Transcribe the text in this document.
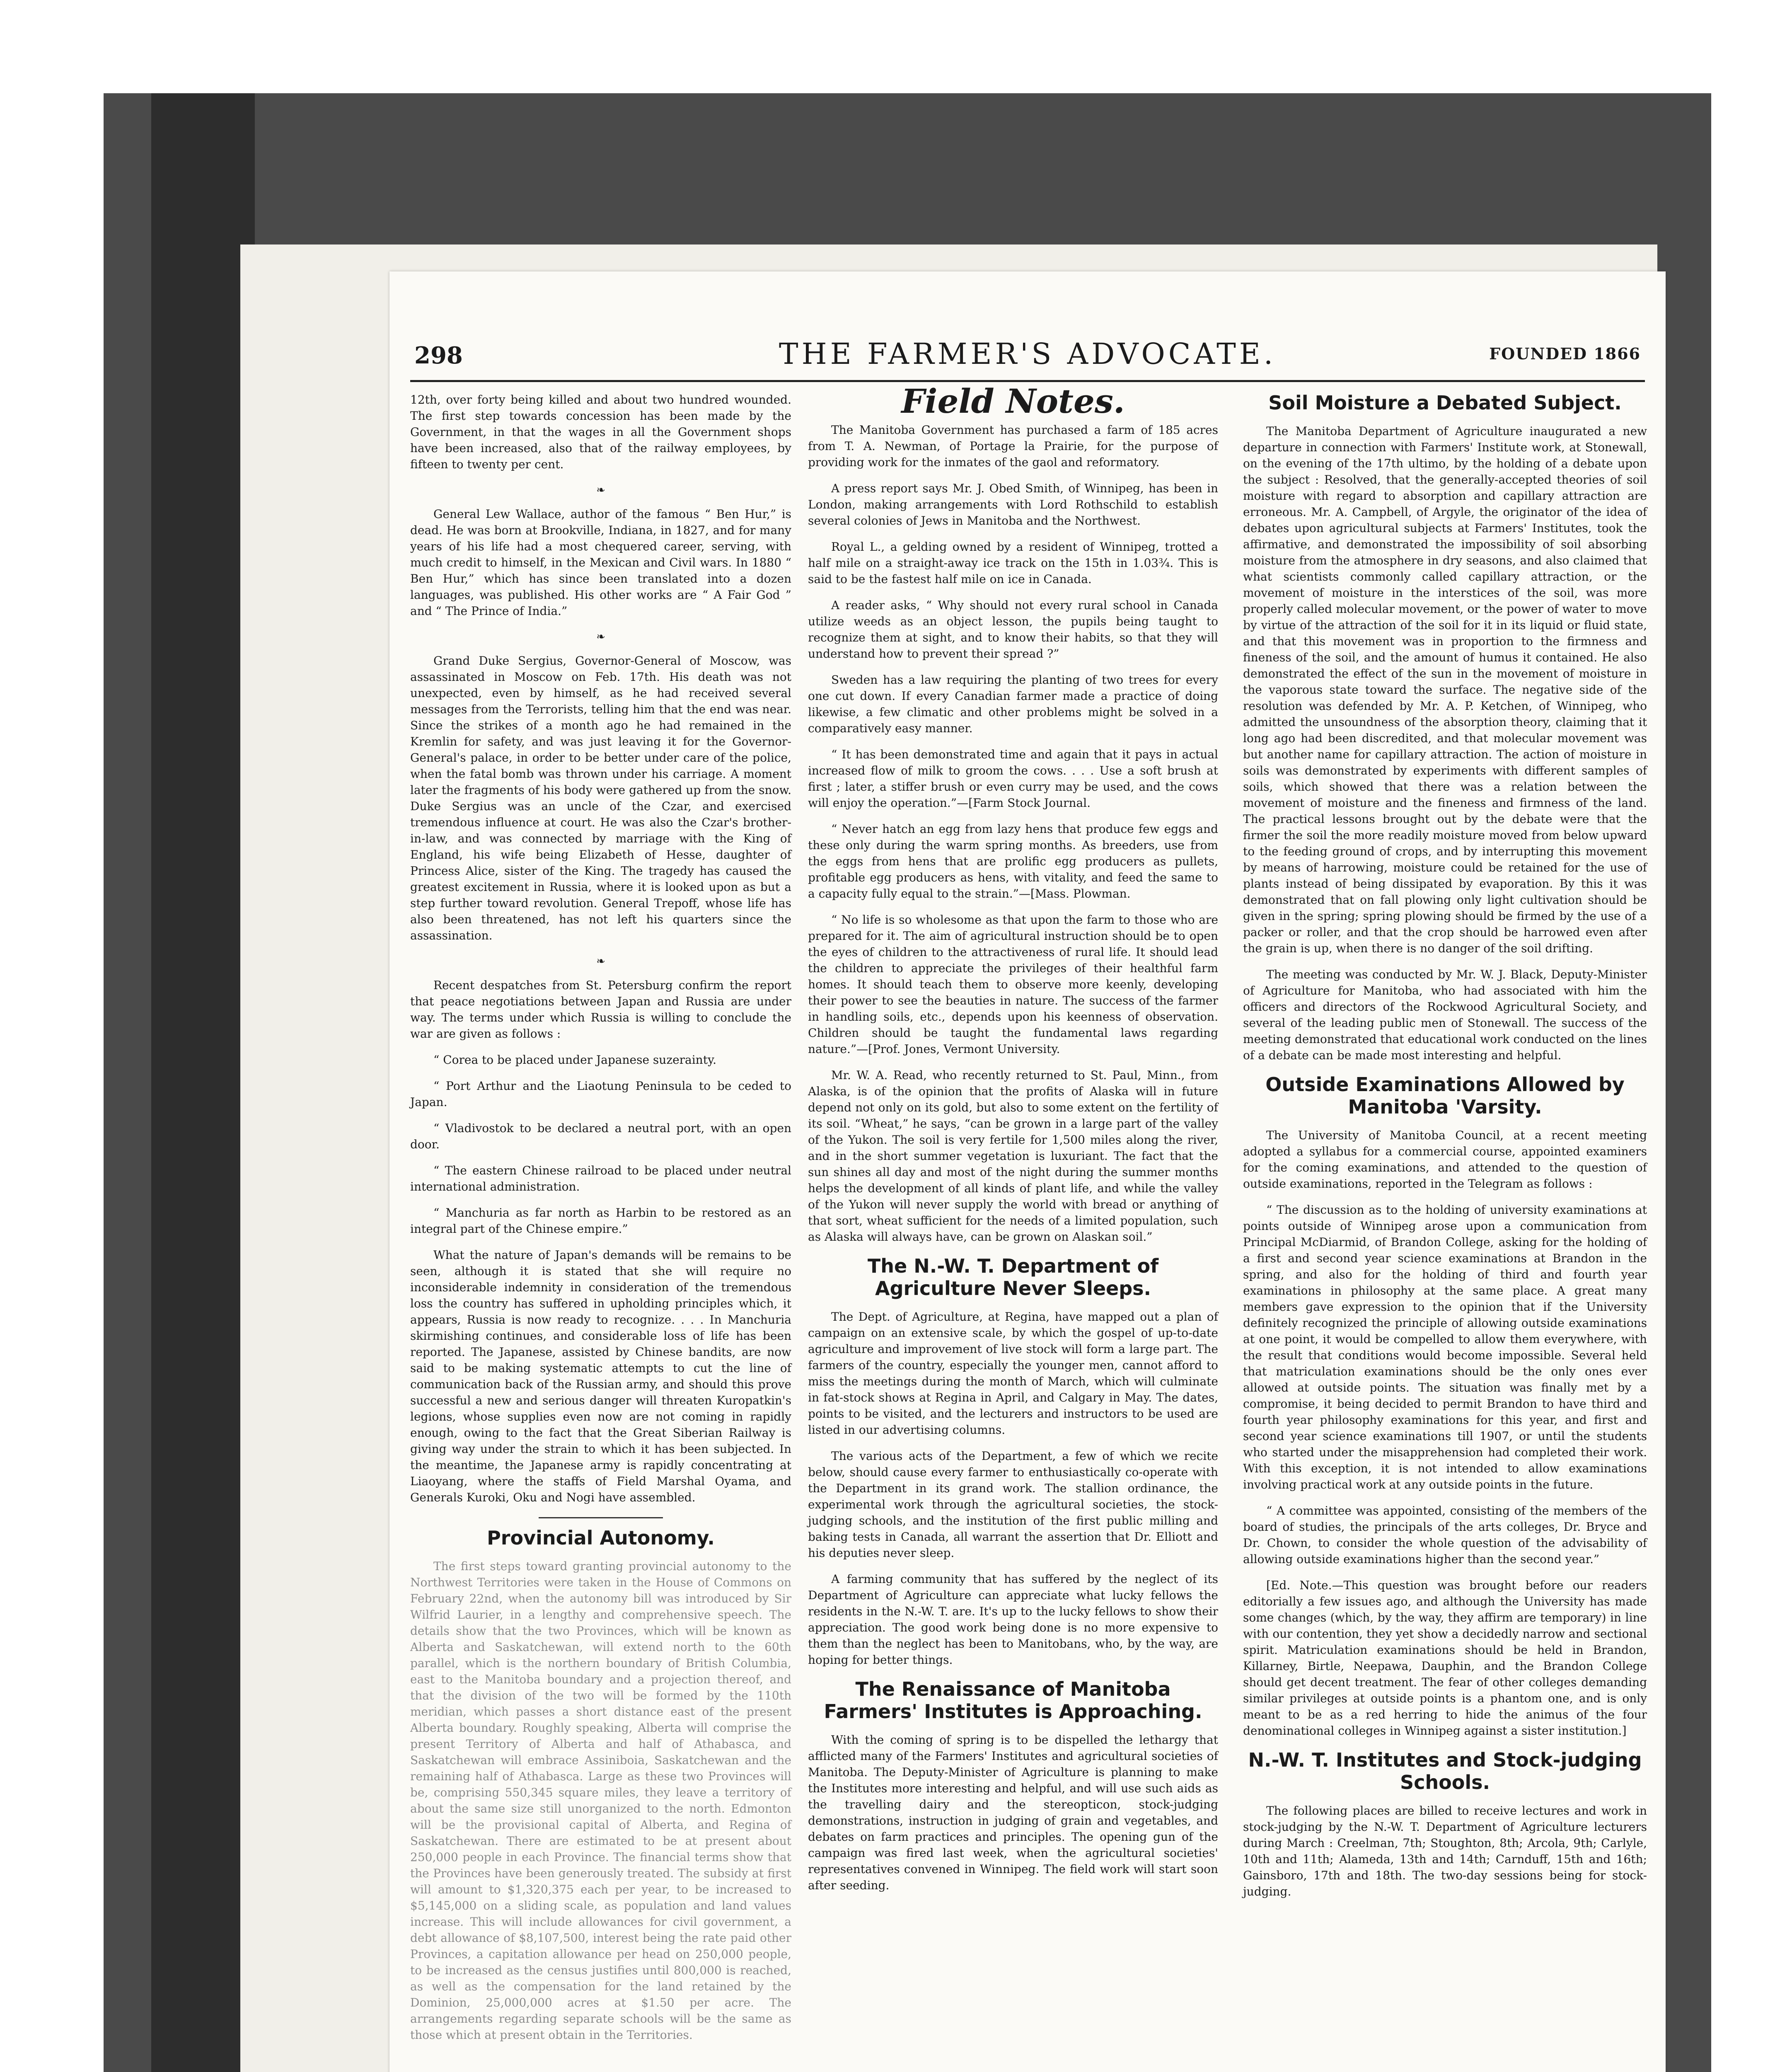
298	THE FARMER'S ADVOCATE.	FOUNDED 1866

12th, over forty being killed and about two hundred wounded. The first step towards concession has been made by the Government, in that the wages in all the Government shops have been increased, also that of the railway employees, by fifteen to twenty per cent.

❧

General Lew Wallace, author of the famous “ Ben Hur,” is dead. He was born at Brookville, Indiana, in 1827, and for many years of his life had a most chequered career, serving, with much credit to himself, in the Mexican and Civil wars. In 1880 “ Ben Hur,” which has since been translated into a dozen languages, was published. His other works are “ A Fair God ” and “ The Prince of India.”

❧

Grand Duke Sergius, Governor-General of Moscow, was assassinated in Moscow on Feb. 17th. His death was not unexpected, even by himself, as he had received several messages from the Terrorists, telling him that the end was near. Since the strikes of a month ago he had remained in the Kremlin for safety, and was just leaving it for the Governor-General's palace, in order to be better under care of the police, when the fatal bomb was thrown under his carriage. A moment later the fragments of his body were gathered up from the snow. Duke Sergius was an uncle of the Czar, and exercised tremendous influence at court. He was also the Czar's brother-in-law, and was connected by marriage with the King of England, his wife being Elizabeth of Hesse, daughter of Princess Alice, sister of the King. The tragedy has caused the greatest excitement in Russia, where it is looked upon as but a step further toward revolution. General Trepoff, whose life has also been threatened, has not left his quarters since the assassination.

❧

Recent despatches from St. Petersburg confirm the report that peace negotiations between Japan and Russia are under way. The terms under which Russia is willing to conclude the war are given as follows :

“ Corea to be placed under Japanese suzerainty.

“ Port Arthur and the Liaotung Peninsula to be ceded to Japan.

“ Vladivostok to be declared a neutral port, with an open door.

“ The eastern Chinese railroad to be placed under neutral international administration.

“ Manchuria as far north as Harbin to be restored as an integral part of the Chinese empire.”

What the nature of Japan's demands will be remains to be seen, although it is stated that she will require no inconsiderable indemnity in consideration of the tremendous loss the country has suffered in upholding principles which, it appears, Russia is now ready to recognize. . . . In Manchuria skirmishing continues, and considerable loss of life has been reported. The Japanese, assisted by Chinese bandits, are now said to be making systematic attempts to cut the line of communication back of the Russian army, and should this prove successful a new and serious danger will threaten Kuropatkin's legions, whose supplies even now are not coming in rapidly enough, owing to the fact that the Great Siberian Railway is giving way under the strain to which it has been subjected. In the meantime, the Japanese army is rapidly concentrating at Liaoyang, where the staffs of Field Marshal Oyama, and Generals Kuroki, Oku and Nogi have assembled.

Provincial Autonomy.

The first steps toward granting provincial autonomy to the Northwest Territories were taken in the House of Commons on February 22nd, when the autonomy bill was introduced by Sir Wilfrid Laurier, in a lengthy and comprehensive speech. The details show that the two Provinces, which will be known as Alberta and Saskatchewan, will extend north to the 60th parallel, which is the northern boundary of British Columbia, east to the Manitoba boundary and a projection thereof, and that the division of the two will be formed by the 110th meridian, which passes a short distance east of the present Alberta boundary. Roughly speaking, Alberta will comprise the present Territory of Alberta and half of Athabasca, and Saskatchewan will embrace Assiniboia, Saskatchewan and the remaining half of Athabasca. Large as these two Provinces will be, comprising 550,345 square miles, they leave a territory of about the same size still unorganized to the north. Edmonton will be the provisional capital of Alberta, and Regina of Saskatchewan. There are estimated to be at present about 250,000 people in each Province. The financial terms show that the Provinces have been generously treated. The subsidy at first will amount to $1,320,375 each per year, to be increased to $5,145,000 on a sliding scale, as population and land values increase. This will include allowances for civil government, a debt allowance of $8,107,500, interest being the rate paid other Provinces, a capitation allowance per head on 250,000 people, to be increased as the census justifies until 800,000 is reached, as well as the compensation for the land retained by the Dominion, 25,000,000 acres at $1.50 per acre. The arrangements regarding separate schools will be the same as those which at present obtain in the Territories.

Field Notes.

The Manitoba Government has purchased a farm of 185 acres from T. A. Newman, of Portage la Prairie, for the purpose of providing work for the inmates of the gaol and reformatory.

A press report says Mr. J. Obed Smith, of Winnipeg, has been in London, making arrangements with Lord Rothschild to establish several colonies of Jews in Manitoba and the Northwest.

Royal L., a gelding owned by a resident of Winnipeg, trotted a half mile on a straight-away ice track on the 15th in 1.03¾. This is said to be the fastest half mile on ice in Canada.

A reader asks, “ Why should not every rural school in Canada utilize weeds as an object lesson, the pupils being taught to recognize them at sight, and to know their habits, so that they will understand how to prevent their spread ?”

Sweden has a law requiring the planting of two trees for every one cut down. If every Canadian farmer made a practice of doing likewise, a few climatic and other problems might be solved in a comparatively easy manner.

“ It has been demonstrated time and again that it pays in actual increased flow of milk to groom the cows. . . . Use a soft brush at first ; later, a stiffer brush or even curry may be used, and the cows will enjoy the operation.”—[Farm Stock Journal.

“ Never hatch an egg from lazy hens that produce few eggs and these only during the warm spring months. As breeders, use from the eggs from hens that are prolific egg producers as pullets, profitable egg producers as hens, with vitality, and feed the same to a capacity fully equal to the strain.”—[Mass. Plowman.

“ No life is so wholesome as that upon the farm to those who are prepared for it. The aim of agricultural instruction should be to open the eyes of children to the attractiveness of rural life. It should lead the children to appreciate the privileges of their healthful farm homes. It should teach them to observe more keenly, developing their power to see the beauties in nature. The success of the farmer in handling soils, etc., depends upon his keenness of observation. Children should be taught the fundamental laws regarding nature.”—[Prof. Jones, Vermont University.

Mr. W. A. Read, who recently returned to St. Paul, Minn., from Alaska, is of the opinion that the profits of Alaska will in future depend not only on its gold, but also to some extent on the fertility of its soil. “Wheat,” he says, “can be grown in a large part of the valley of the Yukon. The soil is very fertile for 1,500 miles along the river, and in the short summer vegetation is luxuriant. The fact that the sun shines all day and most of the night during the summer months helps the development of all kinds of plant life, and while the valley of the Yukon will never supply the world with bread or anything of that sort, wheat sufficient for the needs of a limited population, such as Alaska will always have, can be grown on Alaskan soil.”

The N.-W. T. Department of Agriculture Never Sleeps.

The Dept. of Agriculture, at Regina, have mapped out a plan of campaign on an extensive scale, by which the gospel of up-to-date agriculture and improvement of live stock will form a large part. The farmers of the country, especially the younger men, cannot afford to miss the meetings during the month of March, which will culminate in fat-stock shows at Regina in April, and Calgary in May. The dates, points to be visited, and the lecturers and instructors to be used are listed in our advertising columns.

The various acts of the Department, a few of which we recite below, should cause every farmer to enthusiastically co-operate with the Department in its grand work. The stallion ordinance, the experimental work through the agricultural societies, the stock-judging schools, and the institution of the first public milling and baking tests in Canada, all warrant the assertion that Dr. Elliott and his deputies never sleep.

A farming community that has suffered by the neglect of its Department of Agriculture can appreciate what lucky fellows the residents in the N.-W. T. are. It's up to the lucky fellows to show their appreciation. The good work being done is no more expensive to them than the neglect has been to Manitobans, who, by the way, are hoping for better things.

The Renaissance of Manitoba Farmers' Institutes is Approaching.

With the coming of spring is to be dispelled the lethargy that afflicted many of the Farmers' Institutes and agricultural societies of Manitoba. The Deputy-Minister of Agriculture is planning to make the Institutes more interesting and helpful, and will use such aids as the travelling dairy and the stereopticon, stock-judging demonstrations, instruction in judging of grain and vegetables, and debates on farm practices and principles. The opening gun of the campaign was fired last week, when the agricultural societies' representatives convened in Winnipeg. The field work will start soon after seeding.

Soil Moisture a Debated Subject.

The Manitoba Department of Agriculture inaugurated a new departure in connection with Farmers' Institute work, at Stonewall, on the evening of the 17th ultimo, by the holding of a debate upon the subject : Resolved, that the generally-accepted theories of soil moisture with regard to absorption and capillary attraction are erroneous. Mr. A. Campbell, of Argyle, the originator of the idea of debates upon agricultural subjects at Farmers' Institutes, took the affirmative, and demonstrated the impossibility of soil absorbing moisture from the atmosphere in dry seasons, and also claimed that what scientists commonly called capillary attraction, or the movement of moisture in the interstices of the soil, was more properly called molecular movement, or the power of water to move by virtue of the attraction of the soil for it in its liquid or fluid state, and that this movement was in proportion to the firmness and fineness of the soil, and the amount of humus it contained. He also demonstrated the effect of the sun in the movement of moisture in the vaporous state toward the surface. The negative side of the resolution was defended by Mr. A. P. Ketchen, of Winnipeg, who admitted the unsoundness of the absorption theory, claiming that it long ago had been discredited, and that molecular movement was but another name for capillary attraction. The action of moisture in soils was demonstrated by experiments with different samples of soils, which showed that there was a relation between the movement of moisture and the fineness and firmness of the land. The practical lessons brought out by the debate were that the firmer the soil the more readily moisture moved from below upward to the feeding ground of crops, and by interrupting this movement by means of harrowing, moisture could be retained for the use of plants instead of being dissipated by evaporation. By this it was demonstrated that on fall plowing only light cultivation should be given in the spring; spring plowing should be firmed by the use of a packer or roller, and that the crop should be harrowed even after the grain is up, when there is no danger of the soil drifting.

The meeting was conducted by Mr. W. J. Black, Deputy-Minister of Agriculture for Manitoba, who had associated with him the officers and directors of the Rockwood Agricultural Society, and several of the leading public men of Stonewall. The success of the meeting demonstrated that educational work conducted on the lines of a debate can be made most interesting and helpful.

Outside Examinations Allowed by Manitoba 'Varsity.

The University of Manitoba Council, at a recent meeting adopted a syllabus for a commercial course, appointed examiners for the coming examinations, and attended to the question of outside examinations, reported in the Telegram as follows :

“ The discussion as to the holding of university examinations at points outside of Winnipeg arose upon a communication from Principal McDiarmid, of Brandon College, asking for the holding of a first and second year science examinations at Brandon in the spring, and also for the holding of third and fourth year examinations in philosophy at the same place. A great many members gave expression to the opinion that if the University definitely recognized the principle of allowing outside examinations at one point, it would be compelled to allow them everywhere, with the result that conditions would become impossible. Several held that matriculation examinations should be the only ones ever allowed at outside points. The situation was finally met by a compromise, it being decided to permit Brandon to have third and fourth year philosophy examinations for this year, and first and second year science examinations till 1907, or until the students who started under the misapprehension had completed their work. With this exception, it is not intended to allow examinations involving practical work at any outside points in the future.

“ A committee was appointed, consisting of the members of the board of studies, the principals of the arts colleges, Dr. Bryce and Dr. Chown, to consider the whole question of the advisability of allowing outside examinations higher than the second year.”

[Ed. Note.—This question was brought before our readers editorially a few issues ago, and although the University has made some changes (which, by the way, they affirm are temporary) in line with our contention, they yet show a decidedly narrow and sectional spirit. Matriculation examinations should be held in Brandon, Killarney, Birtle, Neepawa, Dauphin, and the Brandon College should get decent treatment. The fear of other colleges demanding similar privileges at outside points is a phantom one, and is only meant to be as a red herring to hide the animus of the four denominational colleges in Winnipeg against a sister institution.]

N.-W. T. Institutes and Stock-judging Schools.

The following places are billed to receive lectures and work in stock-judging by the N.-W. T. Department of Agriculture lecturers during March : Creelman, 7th; Stoughton, 8th; Arcola, 9th; Carlyle, 10th and 11th; Alameda, 13th and 14th; Carnduff, 15th and 16th; Gainsboro, 17th and 18th. The two-day sessions being for stock-judging.
